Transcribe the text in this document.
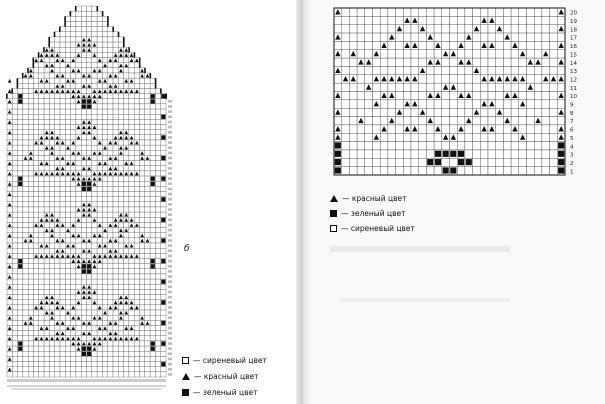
20
19
18
17
16
15
14
13
12
11
10
9
8
7
6
5
4
3
2
1
б
— сиреневый цвет
— красный цвет
— зеленый цвет
— красный цвет
— зеленый цвет
— сиреневый цвет
